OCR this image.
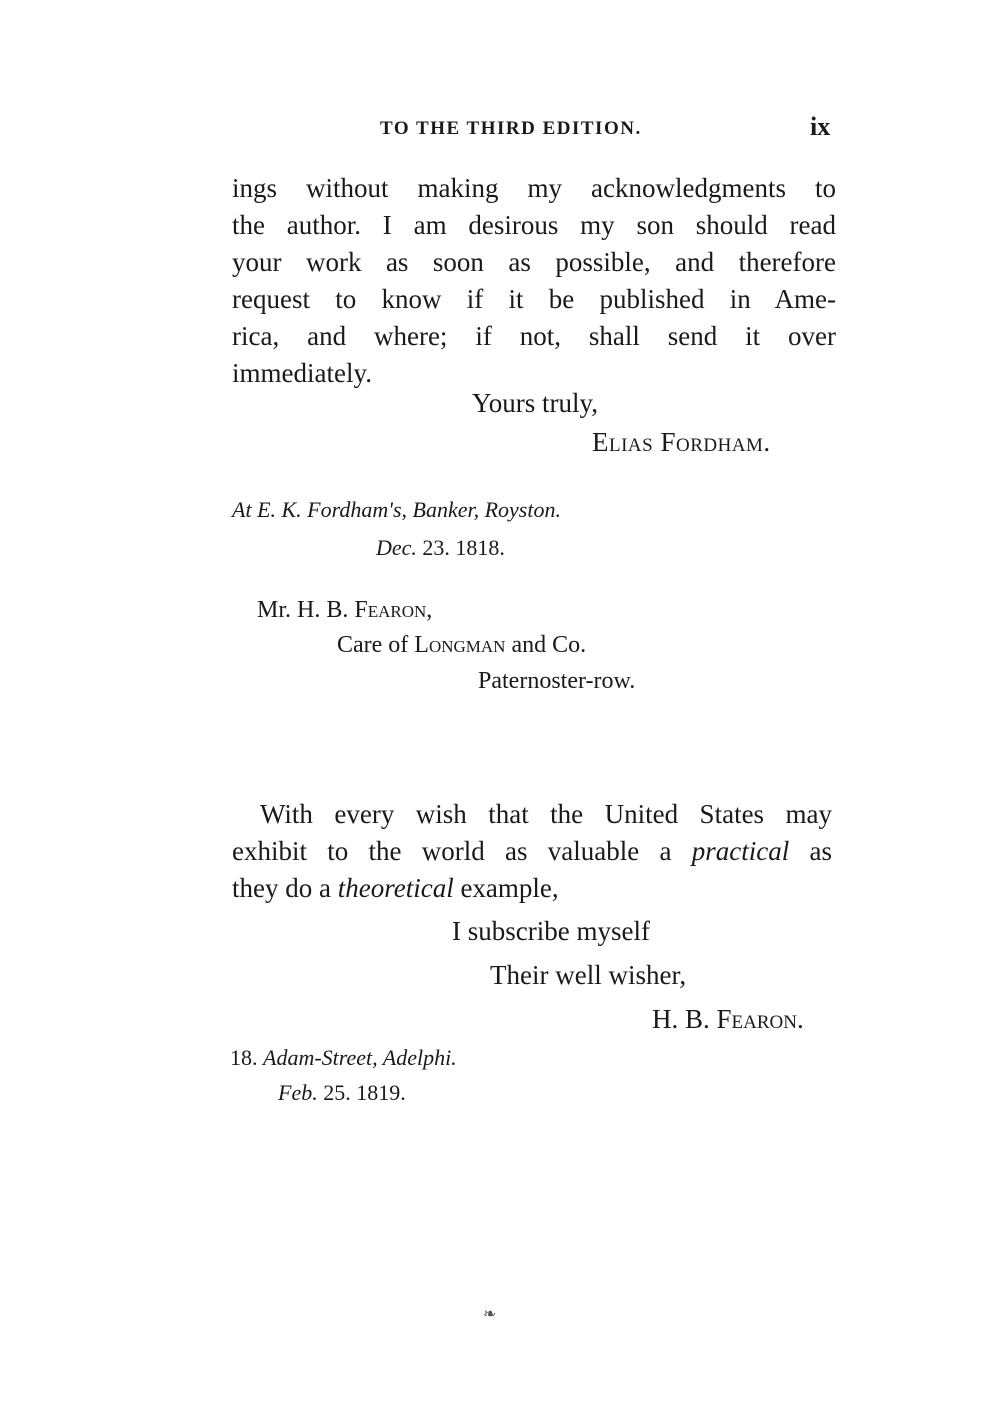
TO THE THIRD EDITION.	ix
ings without making my acknowledgments to
the author. I am desirous my son should read
your work as soon as possible, and therefore
request to know if it be published in Ame-
rica, and where; if not, shall send it over
immediately.
Yours truly,
Elias Fordham.
At E. K. Fordham's, Banker, Royston.
Dec. 23. 1818.
Mr. H. B. Fearon,
Care of Longman and Co.
Paternoster-row.
With every wish that the United States may
exhibit to the world as valuable a practical as
they do a theoretical example,
I subscribe myself
Their well wisher,
H. B. Fearon.
18. Adam-Street, Adelphi.
Feb. 25. 1819.
❧
